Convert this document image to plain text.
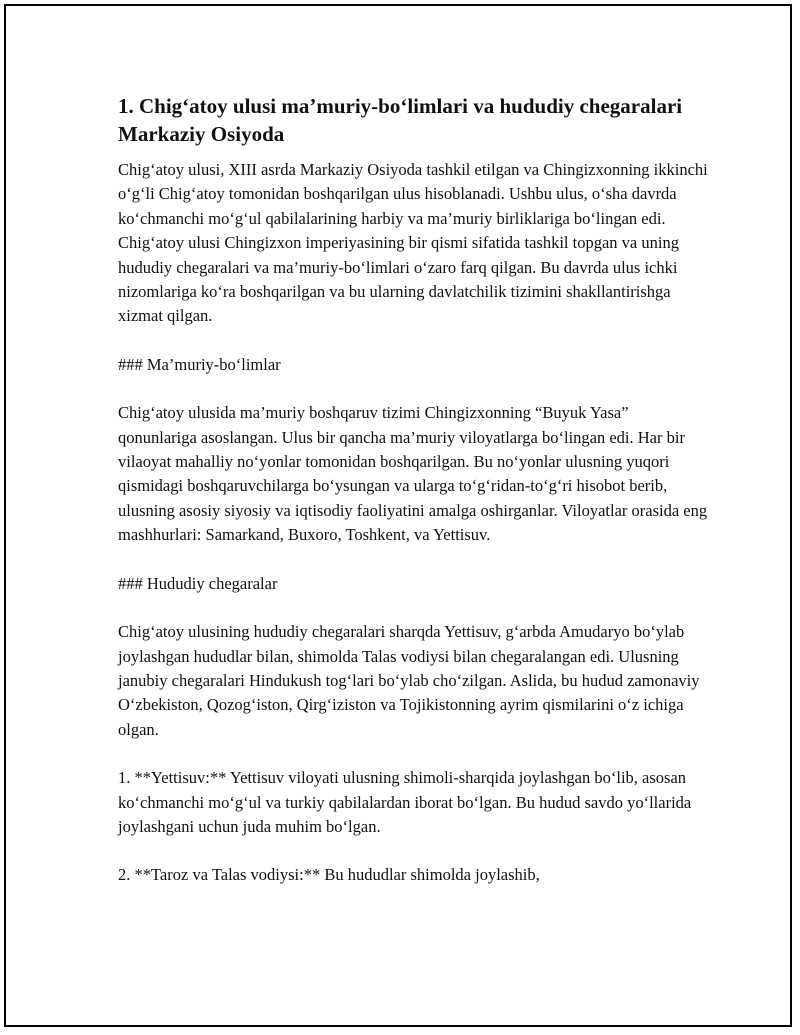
1. Chig‘atoy ulusi ma’muriy-bo‘limlari va hududiy chegaralari Markaziy Osiyoda

Chig‘atoy ulusi, XIII asrda Markaziy Osiyoda tashkil etilgan va Chingizxonning ikkinchi o‘g‘li Chig‘atoy tomonidan boshqarilgan ulus hisoblanadi. Ushbu ulus, o‘sha davrda ko‘chmanchi mo‘g‘ul qabilalarining harbiy va ma’muriy birliklariga bo‘lingan edi. Chig‘atoy ulusi Chingizxon imperiyasining bir qismi sifatida tashkil topgan va uning hududiy chegaralari va ma’muriy-bo‘limlari o‘zaro farq qilgan. Bu davrda ulus ichki nizomlariga ko‘ra boshqarilgan va bu ularning davlatchilik tizimini shakllantirishga xizmat qilgan.

### Ma’muriy-bo‘limlar

Chig‘atoy ulusida ma’muriy boshqaruv tizimi Chingizxonning “Buyuk Yasa” qonunlariga asoslangan. Ulus bir qancha ma’muriy viloyatlarga bo‘lingan edi. Har bir vilaoyat mahalliy no‘yonlar tomonidan boshqarilgan. Bu no‘yonlar ulusning yuqori qismidagi boshqaruvchilarga bo‘ysungan va ularga to‘g‘ridan-to‘g‘ri hisobot berib, ulusning asosiy siyosiy va iqtisodiy faoliyatini amalga oshirganlar. Viloyatlar orasida eng mashhurlari: Samarkand, Buxoro, Toshkent, va Yettisuv.

### Hududiy chegaralar

Chig‘atoy ulusining hududiy chegaralari sharqda Yettisuv, g‘arbda Amudaryo bo‘ylab joylashgan hududlar bilan, shimolda Talas vodiysi bilan chegaralangan edi. Ulusning janubiy chegaralari Hindukush tog‘lari bo‘ylab cho‘zilgan. Aslida, bu hudud zamonaviy O‘zbekiston, Qozog‘iston, Qirg‘iziston va Tojikistonning ayrim qismilarini o‘z ichiga olgan.

1. **Yettisuv:** Yettisuv viloyati ulusning shimoli-sharqida joylashgan bo‘lib, asosan ko‘chmanchi mo‘g‘ul va turkiy qabilalardan iborat bo‘lgan. Bu hudud savdo yo‘llarida joylashgani uchun juda muhim bo‘lgan.

2. **Taroz va Talas vodiysi:** Bu hududlar shimolda joylashib,
